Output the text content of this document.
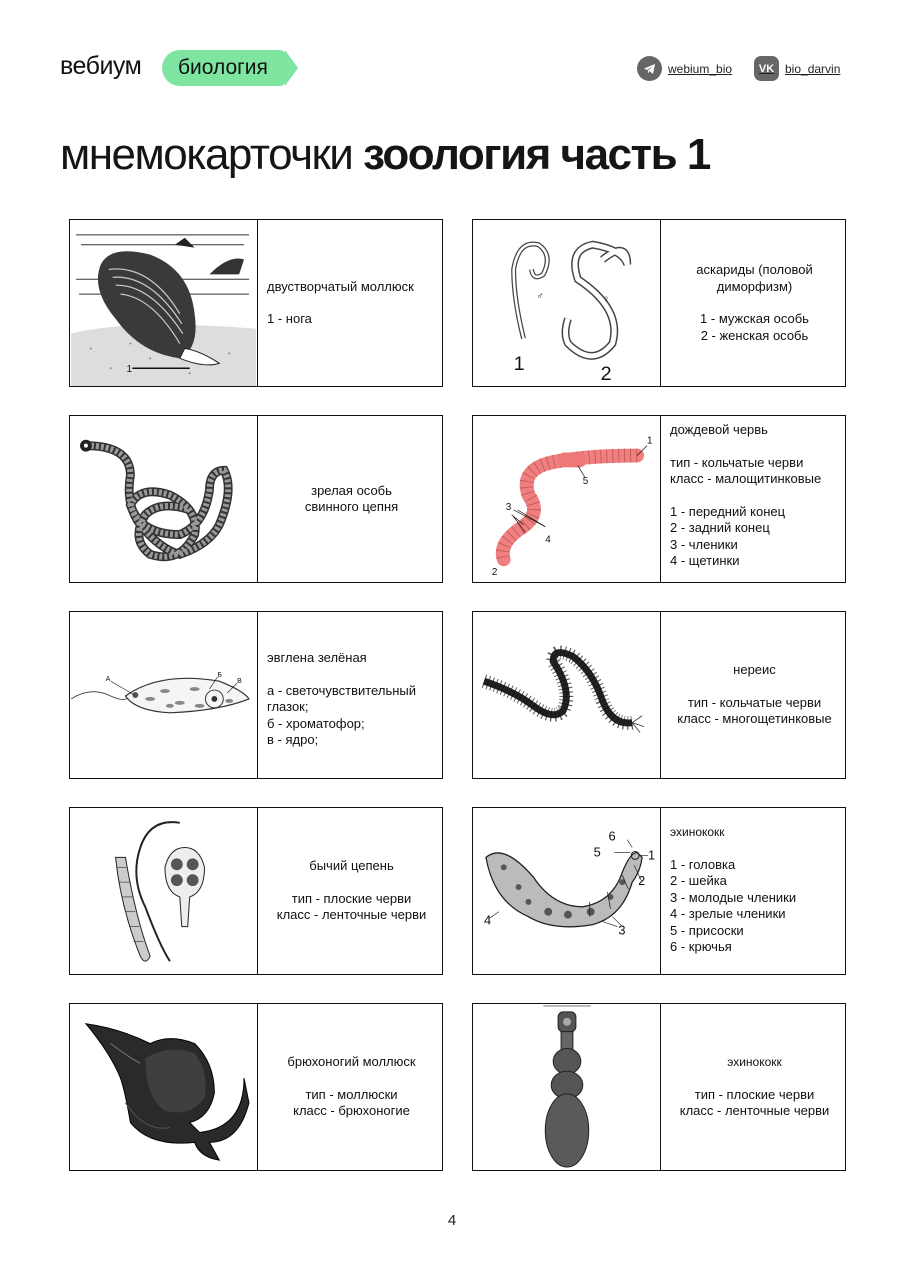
вебиум	биология	webium_bio	VK bio_darvin
мнемокарточки зоология часть 1
1
двустворчатый моллюск
1 - нога
♂	♀
1	2
аскариды (половой
диморфизм)
1 - мужская особь
2 - женская особь
зрелая особь
свинного цепня
1
2
3
4
5
дождевой червь
тип - кольчатые черви
класс - малощитинковые
1 - передний конец
2 - задний конец
3 - членики
4 - щетинки
А
Б
В
эвглена зелёная
а - светочувствительный
глазок;
б - хроматофор;
в - ядро;
нереис
тип - кольчатые черви
класс - многощетинковые
бычий цепень
тип - плоские черви
класс - ленточные черви
1
2
3
4
5
6	эхинококк
1 - головка
2 - шейка
3 - молодые членики
4 - зрелые членики
5 - присоски
6 - крючья
брюхоногий моллюск
тип - моллюски
класс - брюхоногие
эхинококк
тип - плоские черви
класс - ленточные черви
4
